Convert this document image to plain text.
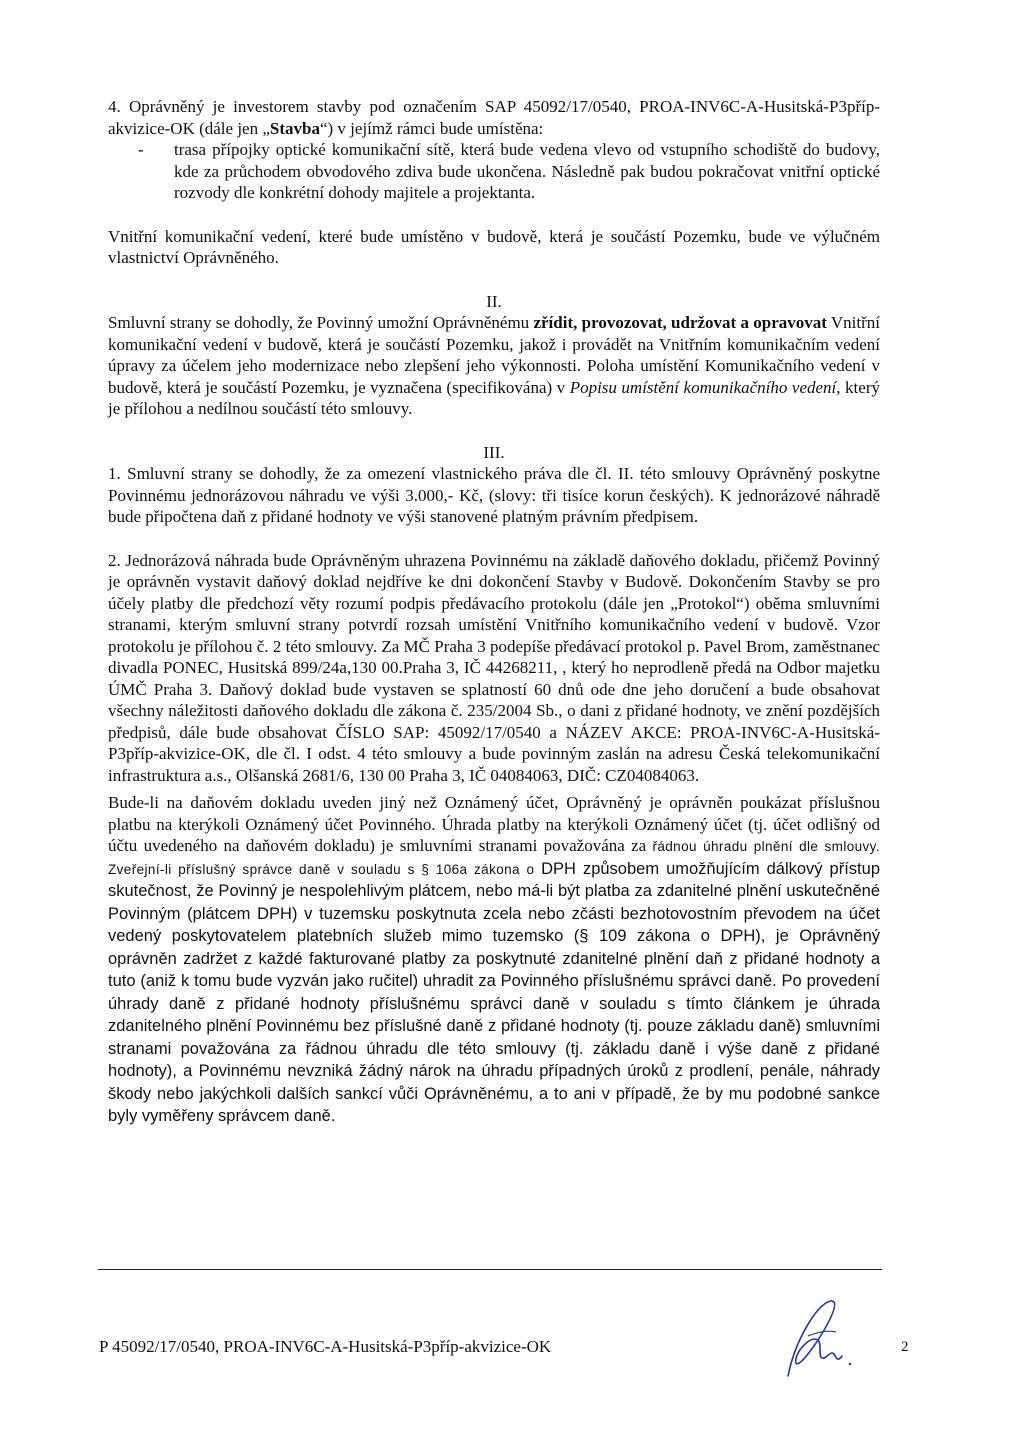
4. Oprávněný je investorem stavby pod označením SAP 45092/17/0540, PROA-INV6C-A-Husitská-P3příp-akvizice-OK (dále jen „Stavba“) v jejímž rámci bude umístěna:

-	trasa přípojky optické komunikační sítě, která bude vedena vlevo od vstupního schodiště do budovy, kde za průchodem obvodového zdiva bude ukončena. Následně pak budou pokračovat vnitřní optické rozvody dle konkrétní dohody majitele a projektanta.

Vnitřní komunikační vedení, které bude umístěno v budově, která je součástí Pozemku, bude ve výlučném vlastnictví Oprávněného.

II.

Smluvní strany se dohodly, že Povinný umožní Oprávněnému zřídit, provozovat, udržovat a opravovat Vnitřní komunikační vedení v budově, která je součástí Pozemku, jakož i provádět na Vnitřním komunikačním vedení úpravy za účelem jeho modernizace nebo zlepšení jeho výkonnosti. Poloha umístění Komunikačního vedení v budově, která je součástí Pozemku, je vyznačena (specifikována) v Popisu umístění komunikačního vedení, který je přílohou a nedílnou součástí této smlouvy.

III.

1. Smluvní strany se dohodly, že za omezení vlastnického práva dle čl. II. této smlouvy Oprávněný poskytne Povinnému jednorázovou náhradu ve výši 3.000,- Kč, (slovy: tři tisíce korun českých). K jednorázové náhradě bude připočtena daň z přidané hodnoty ve výši stanovené platným právním předpisem.

2. Jednorázová náhrada bude Oprávněným uhrazena Povinnému na základě daňového dokladu, přičemž Povinný je oprávněn vystavit daňový doklad nejdříve ke dni dokončení Stavby v Budově. Dokončením Stavby se pro účely platby dle předchozí věty rozumí podpis předávacího protokolu (dále jen „Protokol“) oběma smluvními stranami, kterým smluvní strany potvrdí rozsah umístění Vnitřního komunikačního vedení v budově. Vzor protokolu je přílohou č. 2 této smlouvy. Za MČ Praha 3 podepíše předávací protokol p. Pavel Brom, zaměstnanec divadla PONEC, Husitská 899/24a,130 00.Praha 3, IČ 44268211, , který ho neprodleně předá na Odbor majetku ÚMČ Praha 3. Daňový doklad bude vystaven se splatností 60 dnů ode dne jeho doručení a bude obsahovat všechny náležitosti daňového dokladu dle zákona č. 235/2004 Sb., o dani z přidané hodnoty, ve znění pozdějších předpisů, dále bude obsahovat ČÍSLO SAP: 45092/17/0540 a NÁZEV AKCE: PROA-INV6C-A-Husitská-P3příp-akvizice-OK, dle čl. I odst. 4 této smlouvy a bude povinným zaslán na adresu Česká telekomunikační infrastruktura a.s., Olšanská 2681/6, 130 00 Praha 3, IČ 04084063, DIČ: CZ04084063.

Bude-li na daňovém dokladu uveden jiný než Oznámený účet, Oprávněný je oprávněn poukázat příslušnou platbu na kterýkoli Oznámený účet Povinného. Úhrada platby na kterýkoli Oznámený účet (tj. účet odlišný od účtu uvedeného na daňovém dokladu) je smluvními stranami považována za řádnou úhradu plnění dle smlouvy. Zveřejní-li příslušný správce daně v souladu s § 106a zákona o DPH způsobem umožňujícím dálkový přístup skutečnost, že Povinný je nespolehlivým plátcem, nebo má-li být platba za zdanitelné plnění uskutečněné Povinným (plátcem DPH) v tuzemsku poskytnuta zcela nebo zčásti bezhotovostním převodem na účet vedený poskytovatelem platebních služeb mimo tuzemsko (§ 109 zákona o DPH), je Oprávněný oprávněn zadržet z každé fakturované platby za poskytnuté zdanitelné plnění daň z přidané hodnoty a tuto (aniž k tomu bude vyzván jako ručitel) uhradit za Povinného příslušnému správci daně. Po provedení úhrady daně z přidané hodnoty příslušnému správci daně v souladu s tímto článkem je úhrada zdanitelného plnění Povinnému bez příslušné daně z přidané hodnoty (tj. pouze základu daně) smluvními stranami považována za řádnou úhradu dle této smlouvy (tj. základu daně i výše daně z přidané hodnoty), a Povinnému nevzniká žádný nárok na úhradu případných úroků z prodlení, penále, náhrady škody nebo jakýchkoli dalších sankcí vůči Oprávněnému, a to ani v případě, že by mu podobné sankce byly vyměřeny správcem daně.

P 45092/17/0540, PROA-INV6C-A-Husitská-P3příp-akvizice-OK	2
